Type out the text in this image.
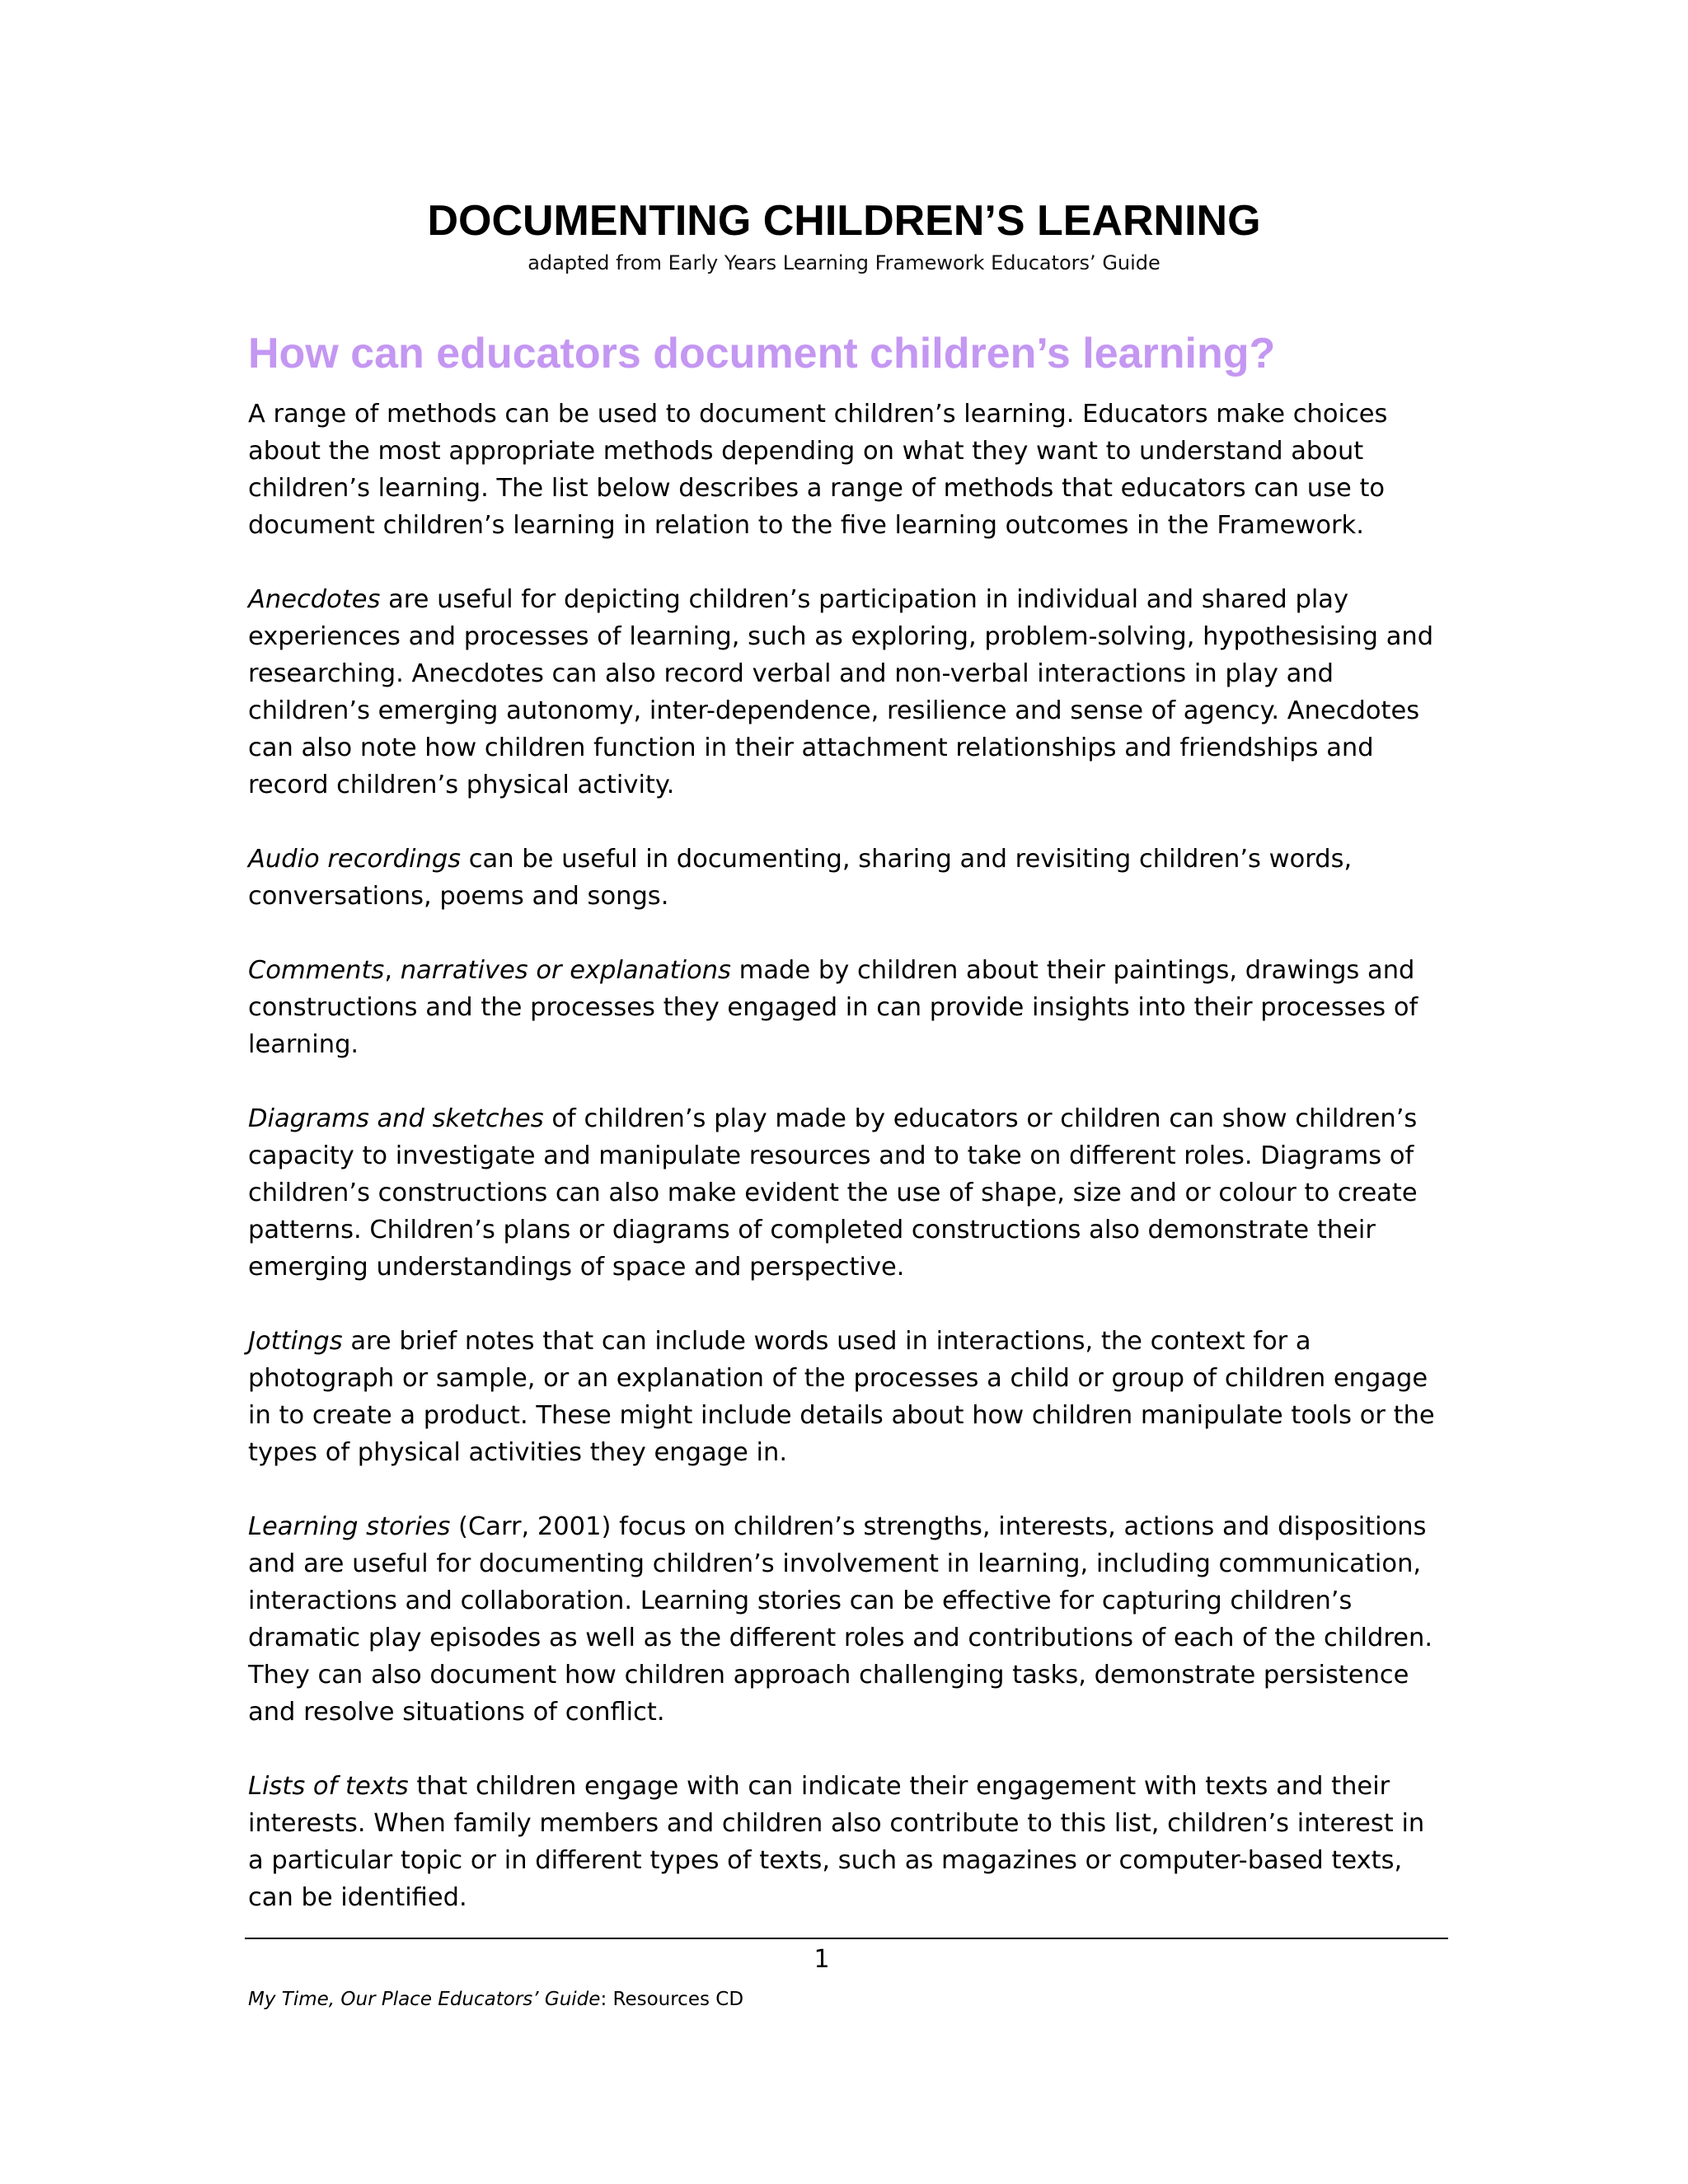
DOCUMENTING CHILDREN’S LEARNING
adapted from Early Years Learning Framework Educators’ Guide
How can educators document children’s learning?

A range of methods can be used to document children’s learning. Educators make choices about the most appropriate methods depending on what they want to understand about children’s learning. The list below describes a range of methods that educators can use to document children’s learning in relation to the five learning outcomes in the Framework.

Anecdotes are useful for depicting children’s participation in individual and shared play experiences and processes of learning, such as exploring, problem-solving, hypothesising and researching. Anecdotes can also record verbal and non-verbal interactions in play and children’s emerging autonomy, inter-dependence, resilience and sense of agency. Anecdotes can also note how children function in their attachment relationships and friendships and record children’s physical activity.

Audio recordings can be useful in documenting, sharing and revisiting children’s words, conversations, poems and songs.

Comments, narratives or explanations made by children about their paintings, drawings and constructions and the processes they engaged in can provide insights into their processes of learning.

Diagrams and sketches of children’s play made by educators or children can show children’s capacity to investigate and manipulate resources and to take on different roles. Diagrams of children’s constructions can also make evident the use of shape, size and or colour to create patterns. Children’s plans or diagrams of completed constructions also demonstrate their emerging understandings of space and perspective.

Jottings are brief notes that can include words used in interactions, the context for a photograph or sample, or an explanation of the processes a child or group of children engage in to create a product. These might include details about how children manipulate tools or the types of physical activities they engage in.

Learning stories (Carr, 2001) focus on children’s strengths, interests, actions and dispositions and are useful for documenting children’s involvement in learning, including communication, interactions and collaboration. Learning stories can be effective for capturing children’s dramatic play episodes as well as the different roles and contributions of each of the children. They can also document how children approach challenging tasks, demonstrate persistence and resolve situations of conflict.

Lists of texts that children engage with can indicate their engagement with texts and their interests. When family members and children also contribute to this list, children’s interest in a particular topic or in different types of texts, such as magazines or computer-based texts, can be identified.

1
My Time, Our Place Educators’ Guide: Resources CD
